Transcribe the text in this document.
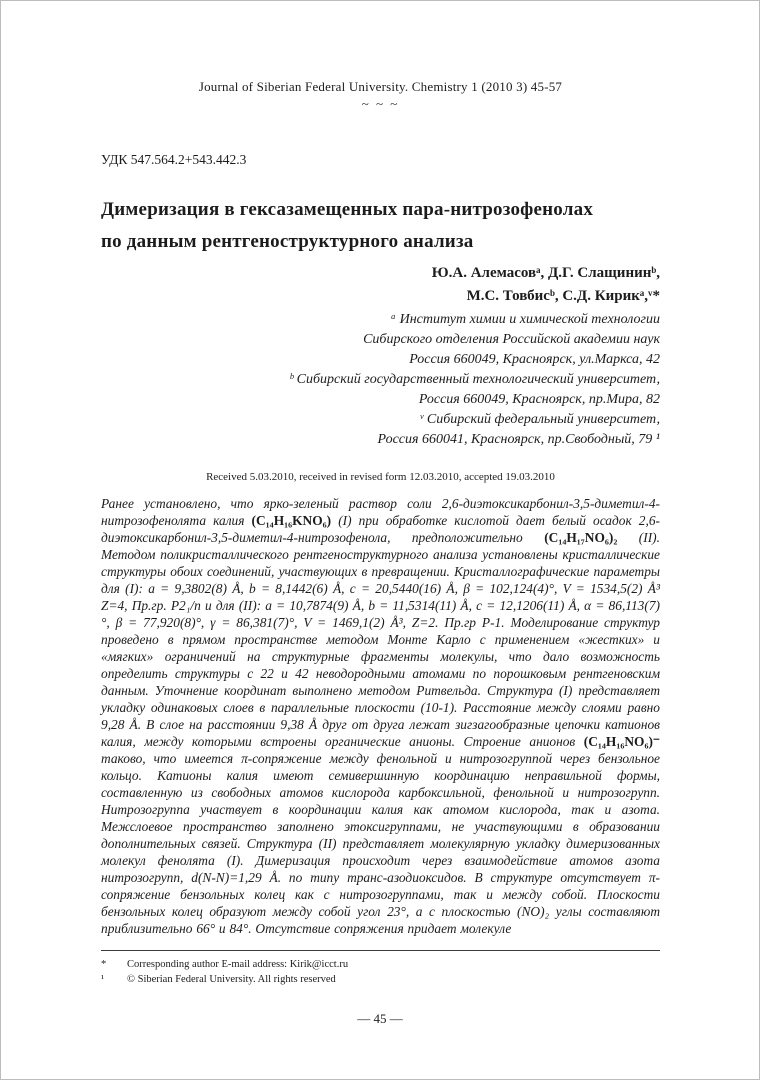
Journal of Siberian Federal University. Chemistry 1 (2010 3) 45-57
~ ~ ~
УДК 547.564.2+543.442.3
Димеризация в гексазамещенных пара-нитрозофенолах
по данным рентгеноструктурного анализа
Ю.А. Алемасовᵃ, Д.Г. Слащининᵇ,
М.С. Товбисᵇ, С.Д. Кирикᵃ,ᵛ*
ᵃ Институт химии и химической технологии
Сибирского отделения Российской академии наук
Россия 660049, Красноярск, ул.Маркса, 42
ᵇ Сибирский государственный технологический университет,
Россия 660049, Красноярск, пр.Мира, 82
ᵛ Сибирский федеральный университет,
Россия 660041, Красноярск, пр.Свободный, 79 ¹
Received 5.03.2010, received in revised form 12.03.2010, accepted 19.03.2010

Ранее установлено, что ярко-зеленый раствор соли 2,6-диэтоксикарбонил-3,5-диметил-4-нитрозофенолята калия (C₁₄H₁₆KNO₆) (I) при обработке кислотой дает белый осадок 2,6-диэтоксикарбонил-3,5-диметил-4-нитрозофенола, предположительно (C₁₄H₁₇NO₆)₂ (II). Методом поликристаллического рентгеноструктурного анализа установлены кристаллические структуры обоих соединений, участвующих в превращении. Кристаллографические параметры для (I): a = 9,3802(8) Å, b = 8,1442(6) Å, c = 20,5440(16) Å, β = 102,124(4)°, V = 1534,5(2) Å³ Z=4, Пр.гр. P2₁/n и для (II): a = 10,7874(9) Å, b = 11,5314(11) Å, c = 12,1206(11) Å, α = 86,113(7)°, β = 77,920(8)°, γ = 86,381(7)°, V = 1469,1(2) Å³, Z=2. Пр.гр P-1. Моделирование структур проведено в прямом пространстве методом Монте Карло с применением «жестких» и «мягких» ограничений на структурные фрагменты молекулы, что дало возможность определить структуры с 22 и 42 неводородными атомами по порошковым рентгеновским данным. Уточнение координат выполнено методом Ритвельда. Структура (I) представляет укладку одинаковых слоев в параллельные плоскости (10-1). Расстояние между слоями равно 9,28 Å. В слое на расстоянии 9,38 Å друг от друга лежат зигзагообразные цепочки катионов калия, между которыми встроены органические анионы. Строение анионов (C₁₄H₁₆NO₆)⁻ таково, что имеется π-сопряжение между фенольной и нитрозогруппой через бензольное кольцо. Катионы калия имеют семивершинную координацию неправильной формы, составленную из свободных атомов кислорода карбоксильной, фенольной и нитрозогрупп. Нитрозогруппа участвует в координации калия как атомом кислорода, так и азота. Межслоевое пространство заполнено этоксигруппами, не участвующими в образовании дополнительных связей. Структура (II) представляет молекулярную укладку димеризованных молекул фенолята (I). Димеризация происходит через взаимодействие атомов азота нитрозогрупп, d(N-N)=1,29 Å. по типу транс-азодиоксидов. В структуре отсутствует π-сопряжение бензольных колец как с нитрозогруппами, так и между собой. Плоскости бензольных колец образуют между собой угол 23°, а с плоскостью (NO)₂ углы составляют приблизительно 66° и 84°. Отсутствие сопряжения придает молекуле

*	Corresponding author E-mail address: Kirik@icct.ru
¹	© Siberian Federal University. All rights reserved
— 45 —
